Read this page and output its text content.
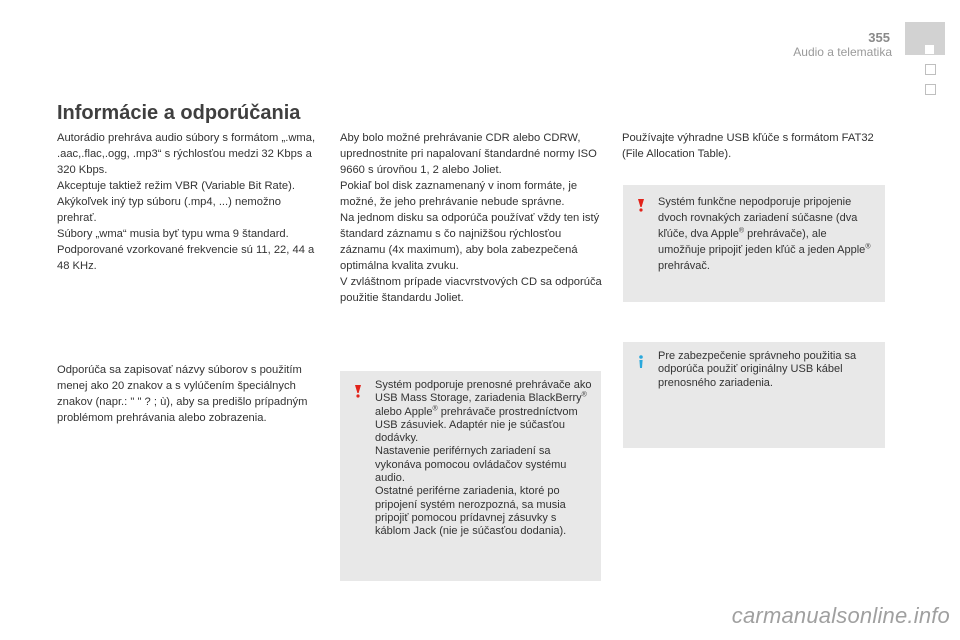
355
Audio a telematika
Informácie a odporúčania

Autorádio prehráva audio súbory s formátom „.wma, .aac,.flac,.ogg, .mp3“ s rýchlosťou medzi 32 Kbps a 320 Kbps.

Akceptuje taktiež režim VBR (Variable Bit Rate).

Akýkoľvek iný typ súboru (.mp4, ...) nemožno prehrať.

Súbory „wma“ musia byť typu wma 9 štandard.

Podporované vzorkované frekvencie sú 11, 22, 44 a 48 KHz.

Odporúča sa zapisovať názvy súborov s použitím menej ako 20 znakov a s vylúčením špeciálnych znakov (napr.: " " ? ; ù), aby sa predišlo prípadným problémom prehrávania alebo zobrazenia.

Aby bolo možné prehrávanie CDR alebo CDRW, uprednostnite pri napalovaní štandardné normy ISO 9660 s úrovňou 1, 2 alebo Joliet.

Pokiaľ bol disk zaznamenaný v inom formáte, je možné, že jeho prehrávanie nebude správne.

Na jednom disku sa odporúča používať vždy ten istý štandard záznamu s čo najnižšou rýchlosťou záznamu (4x maximum), aby bola zabezpečená optimálna kvalita zvuku.

V zvláštnom prípade viacvrstvových CD sa odporúča použitie štandardu Joliet.

Systém podporuje prenosné prehrávače ako USB Mass Storage, zariadenia BlackBerry® alebo Apple® prehrávače prostredníctvom USB zásuviek. Adaptér nie je súčasťou dodávky.

Nastavenie periférnych zariadení sa vykonáva pomocou ovládačov systému audio.

Ostatné periférne zariadenia, ktoré po pripojení systém nerozpozná, sa musia pripojiť pomocou prídavnej zásuvky s káblom Jack (nie je súčasťou dodania).

Používajte výhradne USB kľúče s formátom FAT32 (File Allocation Table).

Systém funkčne nepodporuje pripojenie dvoch rovnakých zariadení súčasne (dva kľúče, dva Apple® prehrávače), ale umožňuje pripojiť jeden kľúč a jeden Apple® prehrávač.

Pre zabezpečenie správneho použitia sa odporúča použiť originálny USB kábel prenosného zariadenia.

carmanualsonline.info
